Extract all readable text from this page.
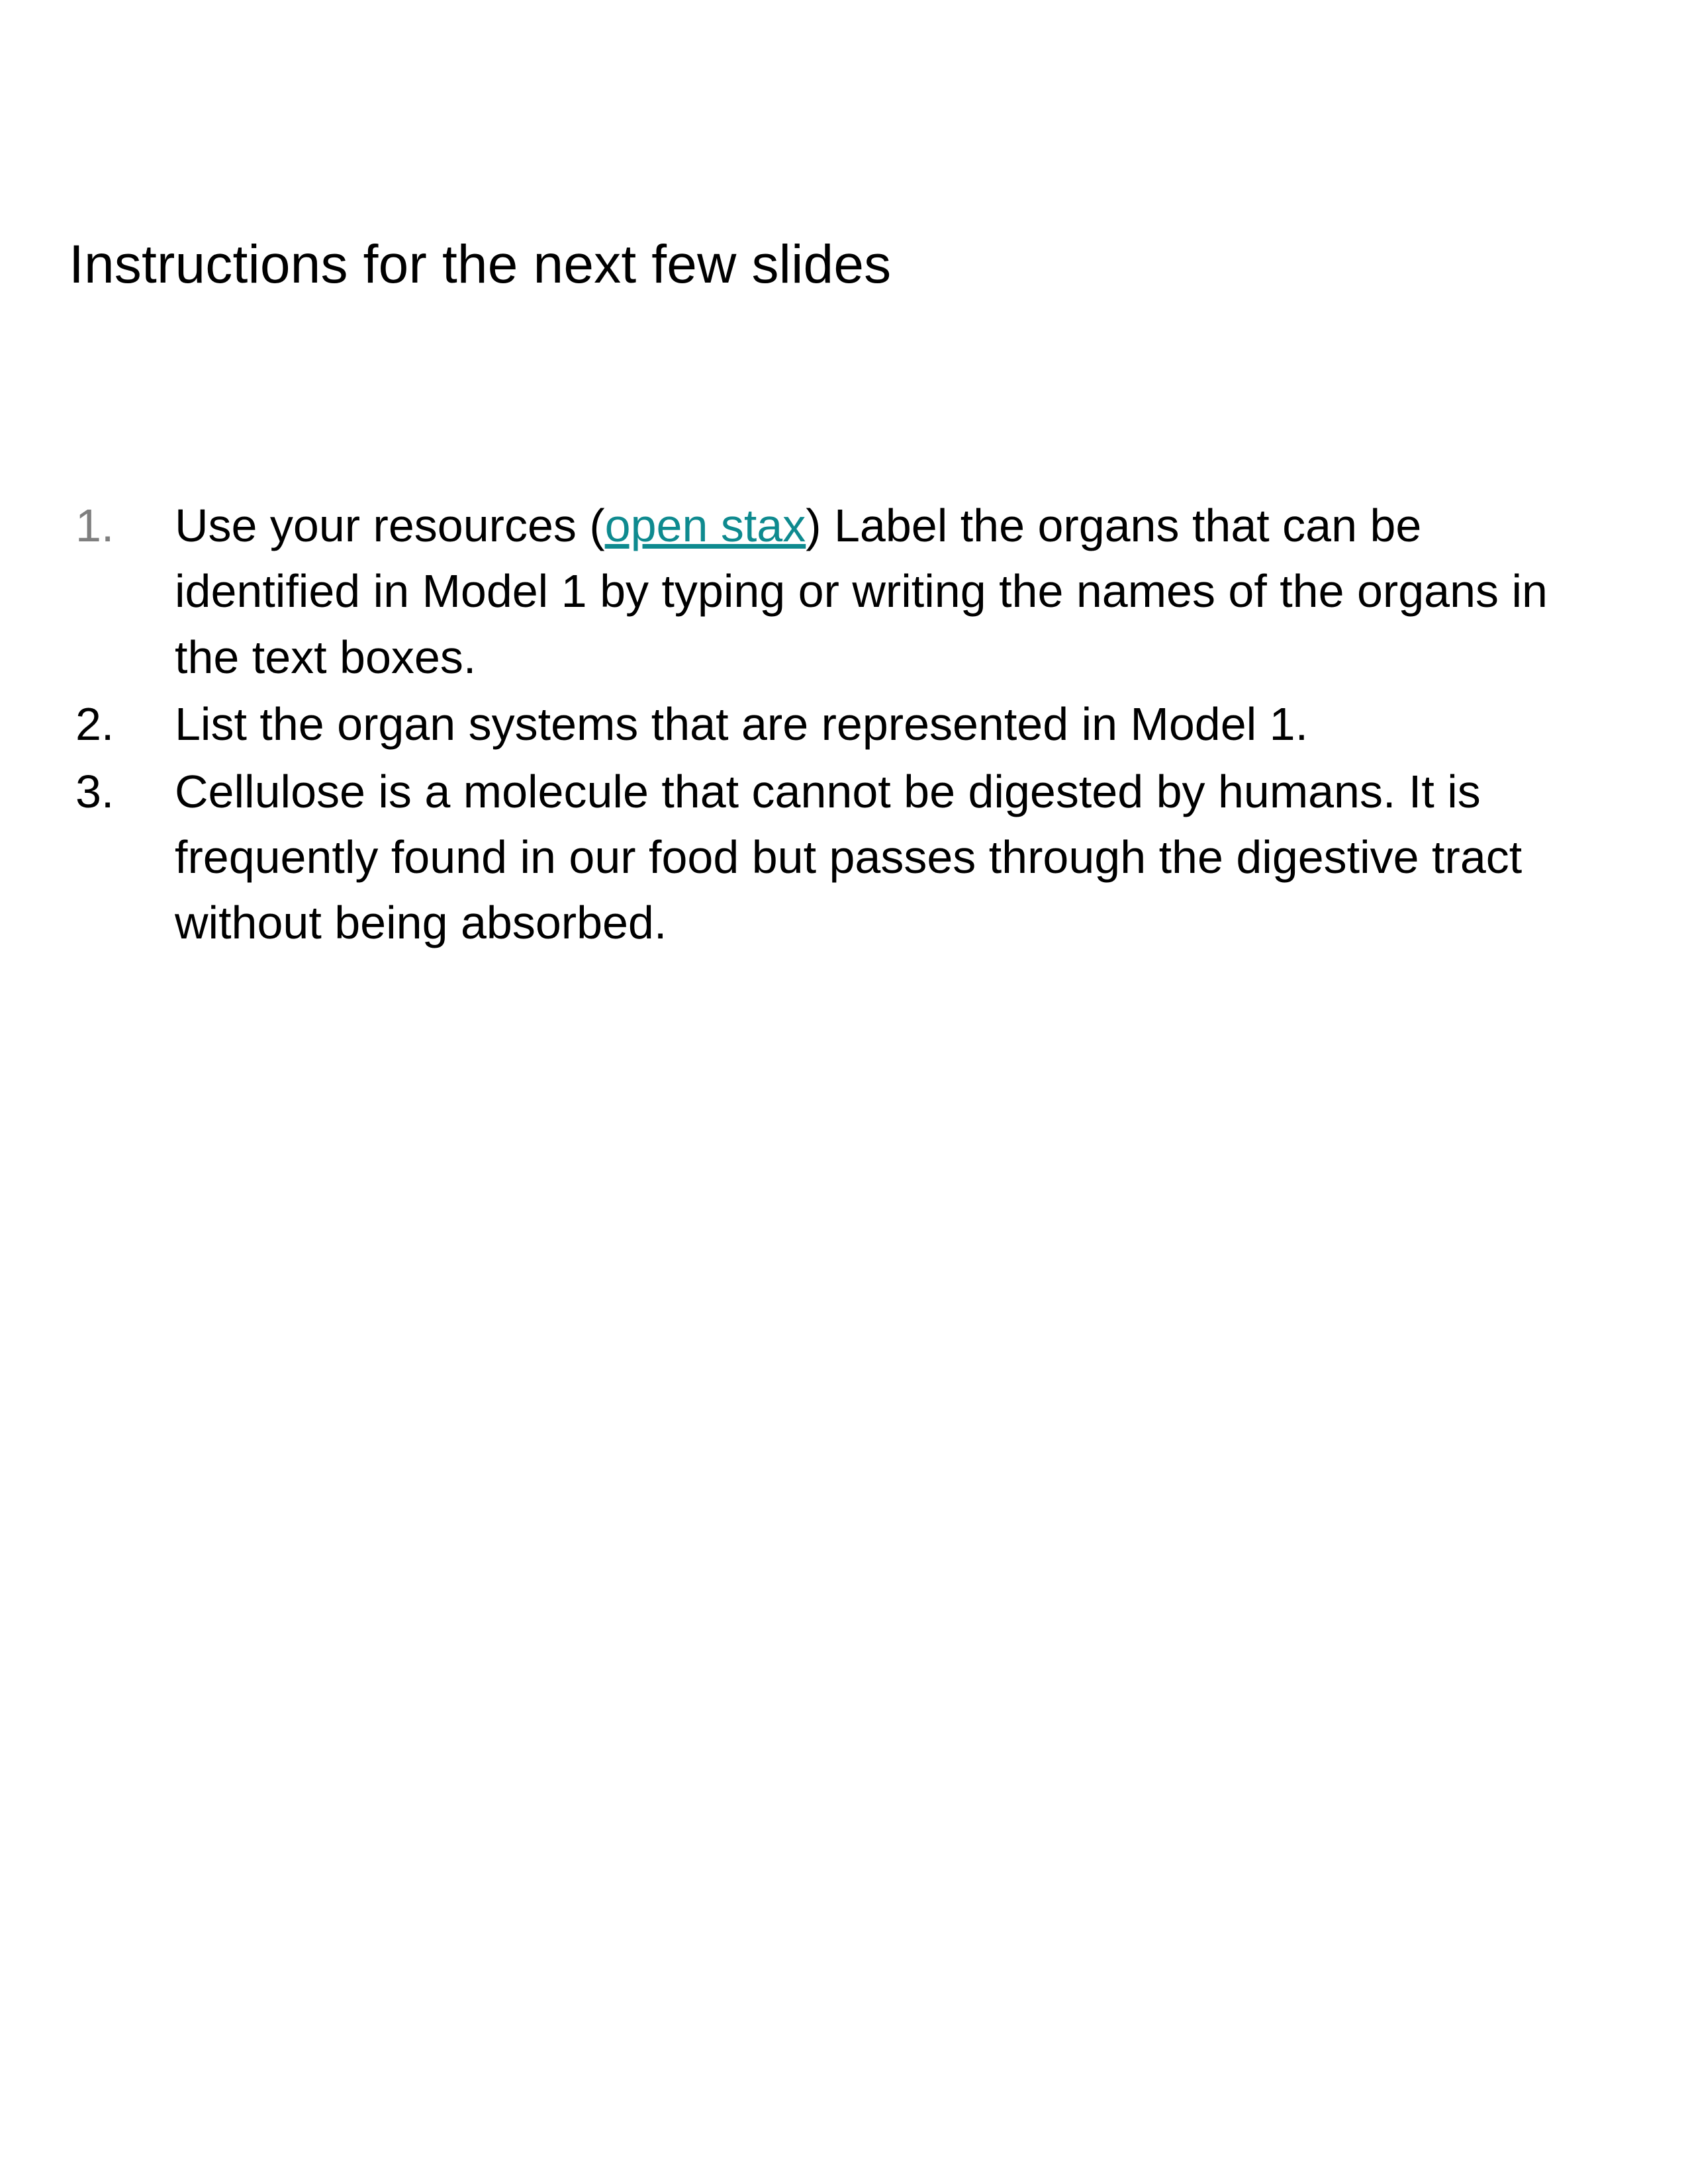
Instructions for the next few slides
1.	Use your resources (open stax) Label the organs that can be identified in Model 1 by typing or writing the names of the organs in the text boxes.
2.	List the organ systems that are represented in Model 1.
3.	Cellulose is a molecule that cannot be digested by humans. It is frequently found in our food but passes through the digestive tract without being absorbed.
